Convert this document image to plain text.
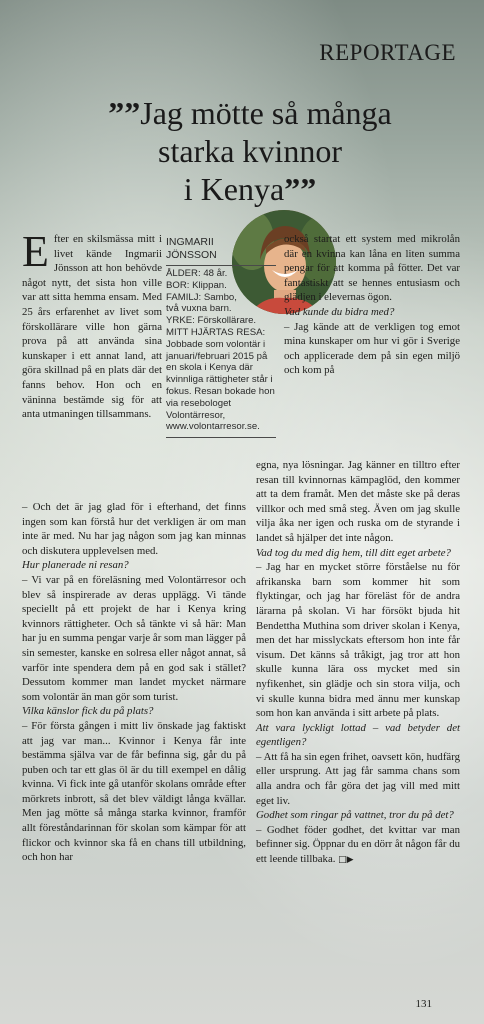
REPORTAGE
””Jag mötte så många
starka kvinnor
i Kenya””
INGMARII
JÖNSSON
ÅLDER: 48 år.
BOR: Klippan.
FAMILJ: Sambo,
två vuxna barn.
YRKE: Förskollärare.
MITT HJÄRTAS RESA:
Jobbade som volontär i januari/februari 2015 på en skola i Kenya där kvinnliga rättigheter står i fokus. Resan bokade hon via resebologet Volontärresor, www.volontarresor.se.
E fter en skilsmässa mitt i livet kände Ingmarii Jönsson att hon behövde något nytt, det sista hon ville var att sitta hemma ensam. Med 25 års erfarenhet av livet som förskollärare ville hon gärna prova på att använda sina kunskaper i ett annat land, att göra skillnad på en plats där det fanns behov. Hon och en väninna bestämde sig för att anta utmaningen tillsammans.

också startat ett system med mikrolån där en kvinna kan låna en liten summa pengar för att komma på fötter. Det var fantastiskt att se hennes entusiasm och glädjen i elevernas ögon.

Vad kunde du bidra med?

– Jag kände att de verkligen tog emot mina kunskaper om hur vi gör i Sverige och applicerade dem på sin egen miljö och kom på

– Och det är jag glad för i efterhand, det finns ingen som kan förstå hur det verkligen är om man inte är med. Nu har jag någon som jag kan minnas och diskutera upplevelsen med.

Hur planerade ni resan?

– Vi var på en föreläsning med Volontärresor och blev så inspirerade av deras upplägg. Vi tände speciellt på ett projekt de har i Kenya kring kvinnors rättigheter. Och så tänkte vi så här: Man har ju en summa pengar varje år som man lägger på sin semester, kanske en solresa eller något annat, så varför inte spendera dem på en god sak i stället? Dessutom kommer man landet mycket närmare som volontär än man gör som turist.

Vilka känslor fick du på plats?

– För första gången i mitt liv önskade jag faktiskt att jag var man... Kvinnor i Kenya får inte bestämma själva var de får befinna sig, går du på puben och tar ett glas öl är du till exempel en dålig kvinna. Vi fick inte gå utanför skolans område efter mörkrets inbrott, så det blev väldigt långa kvällar. Men jag mötte så många starka kvinnor, framför allt föreståndarinnan för skolan som kämpar för att flickor och kvinnor ska få en chans till utbildning, och hon har

egna, nya lösningar. Jag känner en tilltro efter resan till kvinnornas kämpaglöd, den kommer att ta dem framåt. Men det måste ske på deras villkor och med små steg. Även om jag skulle vilja åka ner igen och ruska om de styrande i landet så hjälper det inte någon.

Vad tog du med dig hem, till ditt eget arbete?

– Jag har en mycket större förståelse nu för afrikanska barn som kommer hit som flyktingar, och jag har föreläst för de andra lärarna på skolan. Vi har försökt bjuda hit Bendettha Muthina som driver skolan i Kenya, men det har misslyckats eftersom hon inte får visum. Det känns så tråkigt, jag tror att hon skulle kunna lära oss mycket med sin nyfikenhet, sin glädje och sin stora vilja, och vi skulle kunna bidra med ännu mer kunskap som hon kan använda i sitt arbete på plats.

Att vara lyckligt lottad – vad betyder det egentligen?

– Att få ha sin egen frihet, oavsett kön, hudfärg eller ursprung. Att jag får samma chans som alla andra och får göra det jag vill med mitt eget liv.

Godhet som ringar på vattnet, tror du på det?

– Godhet föder godhet, det kvittar var man befinner sig. Öppnar du en dörr åt någon får du ett leende tillbaka. □▶

131
